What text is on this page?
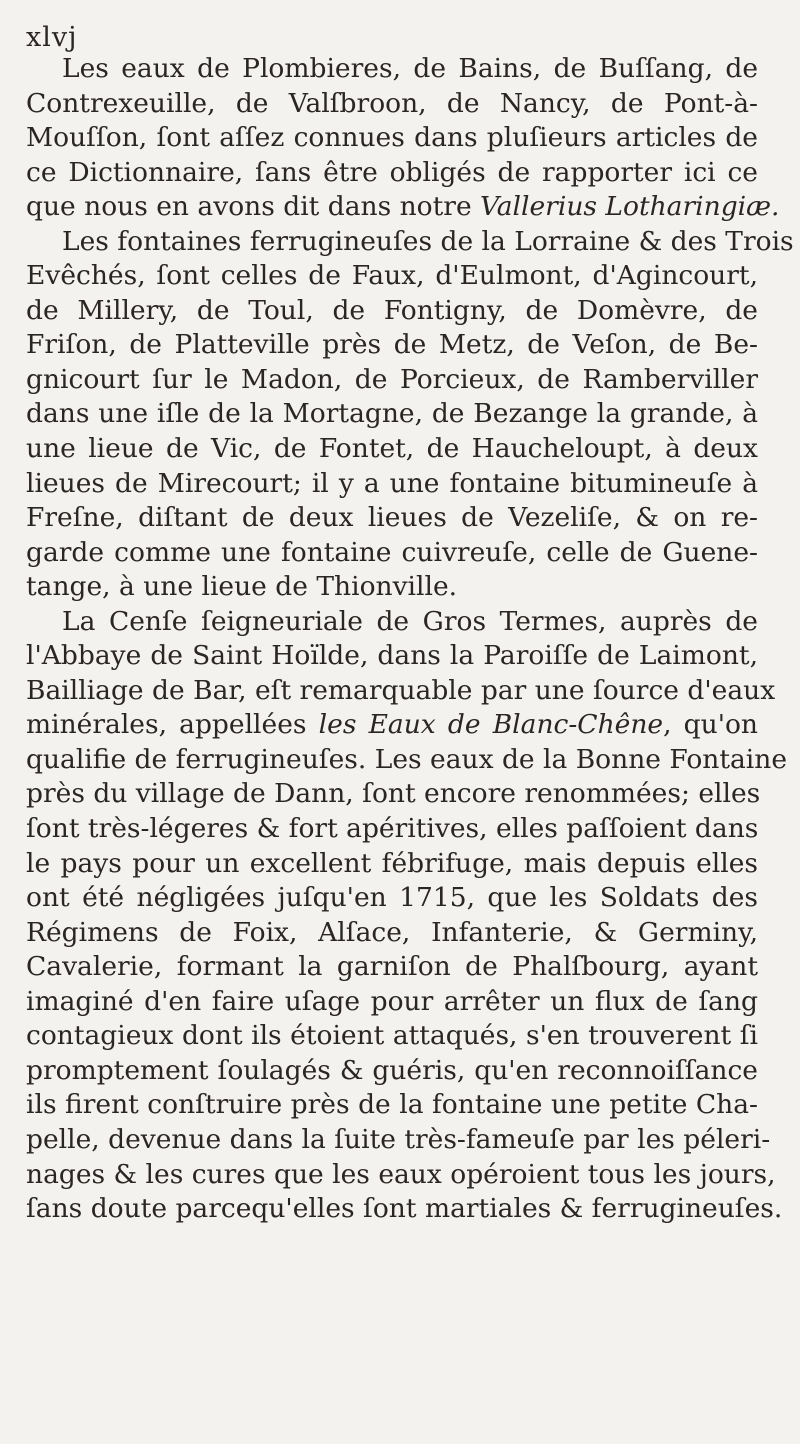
xlvj
Les eaux de Plombieres, de Bains, de Buſſang, de
Contrexeuille, de Valſbroon, de Nancy, de Pont-à-
Mouſſon, ſont aſſez connues dans pluſieurs articles de
ce Dictionnaire, ſans être obligés de rapporter ici ce
que nous en avons dit dans notre Vallerius Lotharingiæ.
Les fontaines ferrugineuſes de la Lorraine & des Trois
Evêchés, ſont celles de Faux, d'Eulmont, d'Agincourt,
de Millery, de Toul, de Fontigny, de Domèvre, de
Friſon, de Platteville près de Metz, de Veſon, de Be-
gnicourt ſur le Madon, de Porcieux, de Ramberviller
dans une iſle de la Mortagne, de Bezange la grande, à
une lieue de Vic, de Fontet, de Haucheloupt, à deux
lieues de Mirecourt; il y a une fontaine bitumineuſe à
Freſne, diſtant de deux lieues de Vezeliſe, & on re-
garde comme une fontaine cuivreuſe, celle de Guene-
tange, à une lieue de Thionville.
La Cenſe ſeigneuriale de Gros Termes, auprès de
l'Abbaye de Saint Hoïlde, dans la Paroiſſe de Laimont,
Bailliage de Bar, eſt remarquable par une ſource d'eaux
minérales, appellées les Eaux de Blanc-Chêne, qu'on
qualifie de ferrugineuſes. Les eaux de la Bonne Fontaine
près du village de Dann, ſont encore renommées; elles
ſont très-légeres & fort apéritives, elles paſſoient dans
le pays pour un excellent fébrifuge, mais depuis elles
ont été négligées juſqu'en 1715, que les Soldats des
Régimens de Foix, Alſace, Infanterie, & Germiny,
Cavalerie, formant la garniſon de Phalſbourg, ayant
imaginé d'en faire uſage pour arrêter un flux de ſang
contagieux dont ils étoient attaqués, s'en trouverent ſi
promptement ſoulagés & guéris, qu'en reconnoiſſance
ils firent conſtruire près de la fontaine une petite Cha-
pelle, devenue dans la ſuite très-fameuſe par les péleri-
nages & les cures que les eaux opéroient tous les jours,
ſans doute parcequ'elles ſont martiales & ferrugineuſes.
